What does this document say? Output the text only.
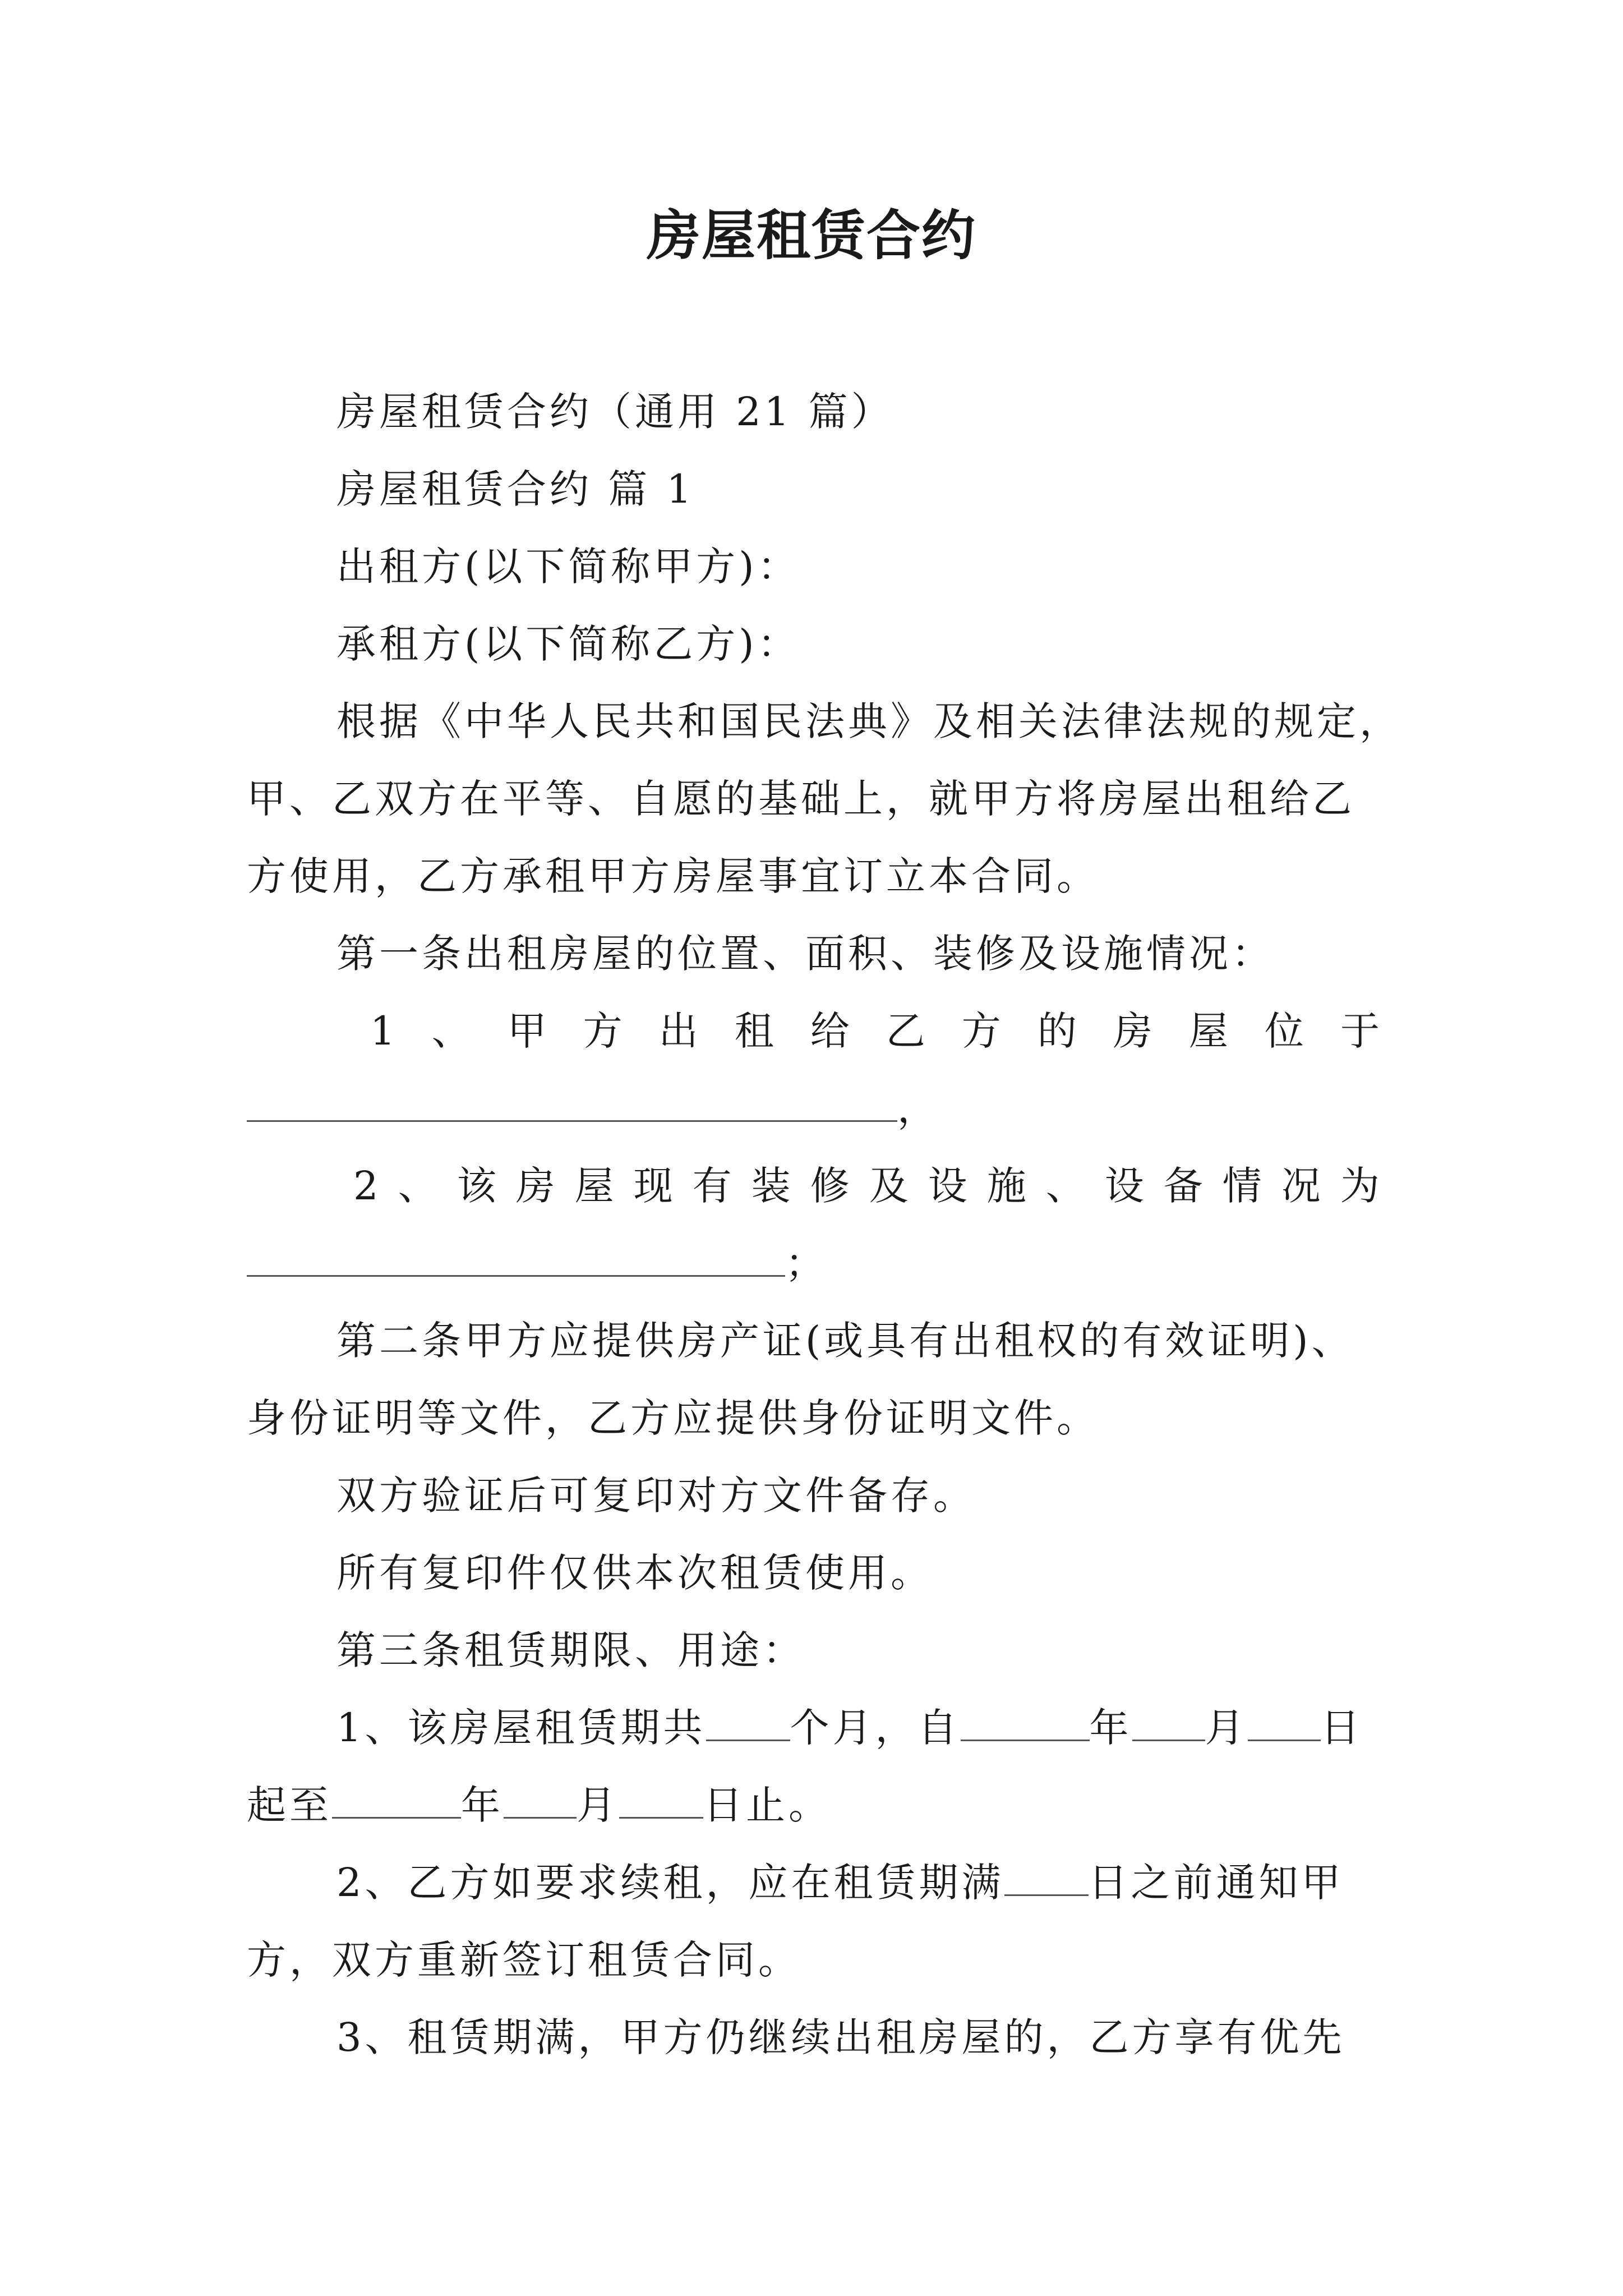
房屋租赁合约
房屋租赁合约（通用 21 篇）
房屋租赁合约 篇 1
出租方(以下简称甲方)：
承租方(以下简称乙方)：
根据《中华人民共和国民法典》及相关法律法规的规定，
甲、乙双方在平等、自愿的基础上，就甲方将房屋出租给乙
方使用，乙方承租甲方房屋事宜订立本合同。
第一条出租房屋的位置、面积、装修及设施情况：
1 、 甲 方 出 租 给 乙 方 的 房 屋 位 于
，
2 、 该 房 屋 现 有 装 修 及 设 施 、 设 备 情 况 为
；
第二条甲方应提供房产证(或具有出租权的有效证明)、
身份证明等文件，乙方应提供身份证明文件。
双方验证后可复印对方文件备存。
所有复印件仅供本次租赁使用。
第三条租赁期限、用途：
1、该房屋租赁期共 个月，自	年 月 日
起至	年 月 日止。
2、乙方如要求续租，应在租赁期满 日之前通知甲
方，双方重新签订租赁合同。
3、租赁期满，甲方仍继续出租房屋的，乙方享有优先
